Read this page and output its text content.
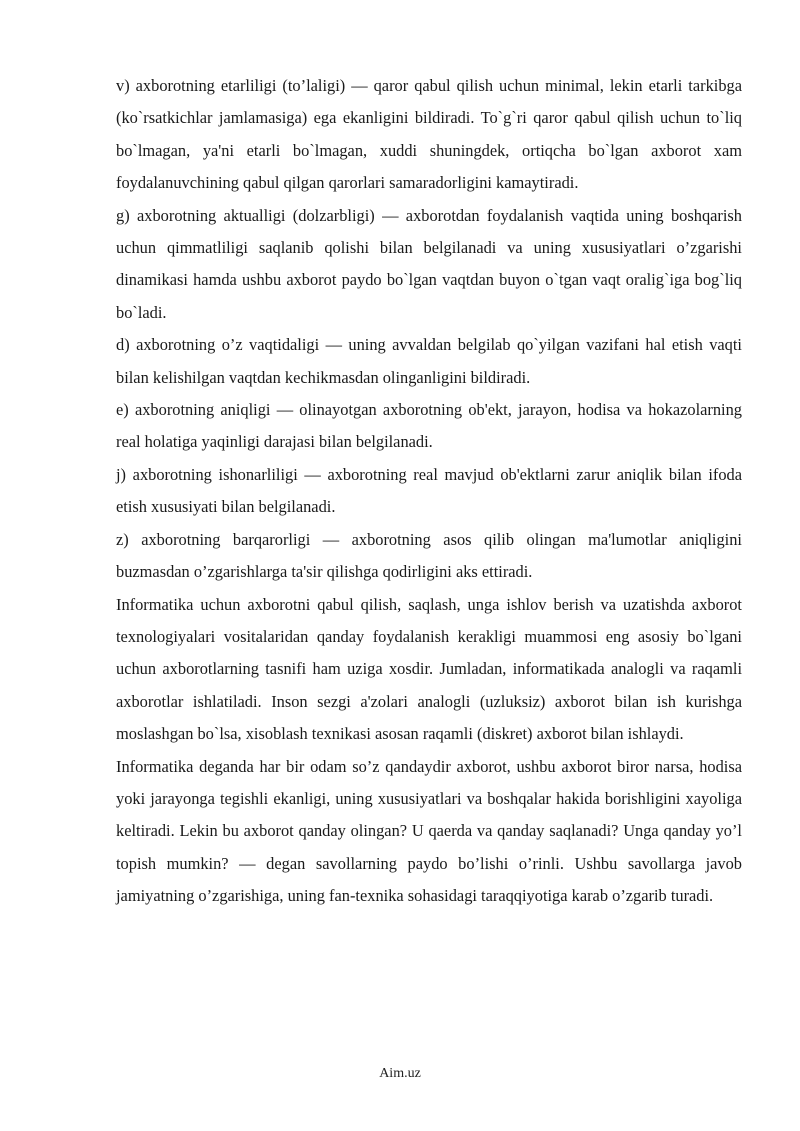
v) axborotning etarliligi (to’laligi) — qaror qabul qilish uchun minimal, lekin etarli tarkibga (ko`rsatkichlar jamlamasiga) ega ekanligini bildiradi. To`g`ri qaror qabul qilish uchun to`liq bo`lmagan, ya'ni etarli bo`lmagan, xuddi shuningdek, ortiqcha bo`lgan axborot xam foydalanuvchining qabul qilgan qarorlari samaradorligini kamaytiradi.

g) axborotning aktualligi (dolzarbligi) — axborotdan foydalanish vaqtida uning boshqarish uchun qimmatliligi saqlanib qolishi bilan belgilanadi va uning xususiyatlari o’zgarishi dinamikasi hamda ushbu axborot paydo bo`lgan vaqtdan buyon o`tgan vaqt oralig`iga bog`liq bo`ladi.

d) axborotning o’z vaqtidaligi — uning avvaldan belgilab qo`yilgan vazifani hal etish vaqti bilan kelishilgan vaqtdan kechikmasdan olinganligini bildiradi.

e) axborotning aniqligi — olinayotgan axborotning ob'ekt, jarayon, hodisa va hokazolarning real holatiga yaqinligi darajasi bilan belgilanadi.

j) axborotning ishonarliligi — axborotning real mavjud ob'ektlarni zarur aniqlik bilan ifoda etish xususiyati bilan belgilanadi.

z) axborotning barqarorligi — axborotning asos qilib olingan ma'lumotlar aniqligini buzmasdan o’zgarishlarga ta'sir qilishga qodirligini aks ettiradi.

Informatika uchun axborotni qabul qilish, saqlash, unga ishlov berish va uzatishda axborot texnologiyalari vositalaridan qanday foydalanish kerakligi muammosi eng asosiy bo`lgani uchun axborotlarning tasnifi ham uziga xosdir. Jumladan, informatikada analogli va raqamli axborotlar ishlatiladi. Inson sezgi a'zolari analogli (uzluksiz) axborot bilan ish kurishga moslashgan bo`lsa, xisoblash texnikasi asosan raqamli (diskret) axborot bilan ishlaydi.

Informatika deganda har bir odam so’z qandaydir axborot, ushbu axborot biror narsa, hodisa yoki jarayonga tegishli ekanligi, uning xususiyatlari va boshqalar hakida borishligini xayoliga keltiradi. Lekin bu axborot qanday olingan? U qaerda va qanday saqlanadi? Unga qanday yo’l topish mumkin? — degan savollarning paydo bo’lishi o’rinli. Ushbu savollarga javob jamiyatning o’zgarishiga, uning fan-texnika sohasidagi taraqqiyotiga karab o’zgarib turadi.

Aim.uz
